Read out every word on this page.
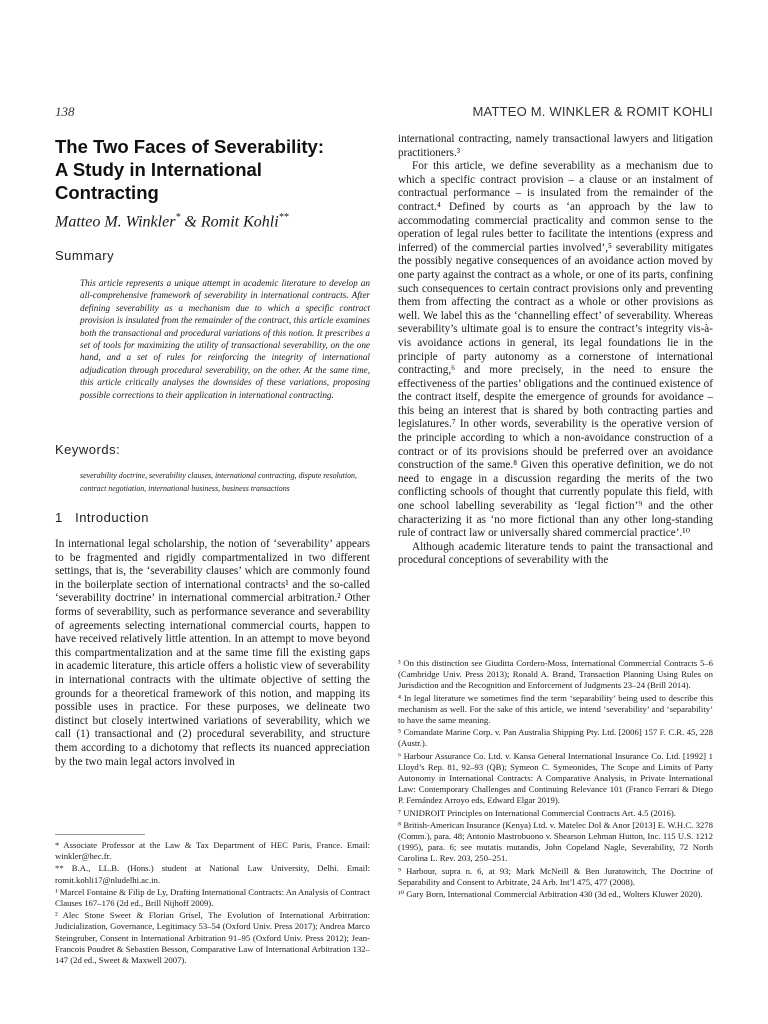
138	MATTEO M. WINKLER & ROMIT KOHLI
The Two Faces of Severability:
A Study in International
Contracting
Matteo M. Winkler* & Romit Kohli**
Summary
This article represents a unique attempt in academic literature to develop an all-comprehensive framework of severability in international contracts. After defining severability as a mechanism due to which a specific contract provision is insulated from the remainder of the contract, this article examines both the transactional and procedural variations of this notion. It prescribes a set of tools for maximizing the utility of transactional severability, on the one hand, and a set of rules for reinforcing the integrity of international adjudication through procedural severability, on the other. At the same time, this article critically analyses the downsides of these variations, proposing possible corrections to their application in international contracting.
Keywords:
severability doctrine, severability clauses, international contracting, dispute resolution, contract negotiation, international business, business transactions
1 Introduction

In international legal scholarship, the notion of ‘severability’ appears to be fragmented and rigidly compartmentalized in two different settings, that is, the ‘severability clauses’ which are commonly found in the boilerplate section of international contracts¹ and the so-called ‘severability doctrine’ in international commercial arbitration.² Other forms of severability, such as performance severance and severability of agreements selecting international commercial courts, happen to have received relatively little attention. In an attempt to move beyond this compartmentalization and at the same time fill the existing gaps in academic literature, this article offers a holistic view of severability in international contracts with the ultimate objective of setting the grounds for a theoretical framework of this notion, and mapping its possible uses in practice. For these purposes, we delineate two distinct but closely intertwined variations of severability, which we call (1) transactional and (2) procedural severability, and structure them according to a dichotomy that reflects its nuanced appreciation by the two main legal actors involved in

* Associate Professor at the Law & Tax Department of HEC Paris, France. Email: winkler@hec.fr.

** B.A., LL.B. (Hons.) student at National Law University, Delhi. Email: romit.kohli17@nludelhi.ac.in.

¹ Marcel Fontaine & Filip de Ly, Drafting International Contracts: An Analysis of Contract Clauses 167–176 (2d ed., Brill Nijhoff 2009).

² Alec Stone Sweet & Florian Grisel, The Evolution of International Arbitration: Judicialization, Governance, Legitimacy 53–54 (Oxford Univ. Press 2017); Andrea Marco Steingruber, Consent in International Arbitration 91–95 (Oxford Univ. Press 2012); Jean-Francois Poudret & Sebastien Besson, Comparative Law of International Arbitration 132–147 (2d ed., Sweet & Maxwell 2007).

international contracting, namely transactional lawyers and litigation practitioners.³

For this article, we define severability as a mechanism due to which a specific contract provision – a clause or an instalment of contractual performance – is insulated from the remainder of the contract.⁴ Defined by courts as ‘an approach by the law to accommodating commercial practicality and common sense to the operation of legal rules better to facilitate the intentions (express and inferred) of the commercial parties involved’,⁵ severability mitigates the possibly negative consequences of an avoidance action moved by one party against the contract as a whole, or one of its parts, confining such consequences to certain contract provisions only and preventing them from affecting the contract as a whole or other provisions as well. We label this as the ‘channelling effect’ of severability. Whereas severability’s ultimate goal is to ensure the contract’s integrity vis-à-vis avoidance actions in general, its legal foundations lie in the principle of party autonomy as a cornerstone of international contracting,⁶ and more precisely, in the need to ensure the effectiveness of the parties’ obligations and the continued existence of the contract itself, despite the emergence of grounds for avoidance – this being an interest that is shared by both contracting parties and legislatures.⁷ In other words, severability is the operative version of the principle according to which a non-avoidance construction of a contract or of its provisions should be preferred over an avoidance construction of the same.⁸ Given this operative definition, we do not need to engage in a discussion regarding the merits of the two conflicting schools of thought that currently populate this field, with one school labelling severability as ‘legal fiction’⁹ and the other characterizing it as ‘no more fictional than any other long-standing rule of contract law or universally shared commercial practice’.¹⁰

Although academic literature tends to paint the transactional and procedural conceptions of severability with the

³ On this distinction see Giuditta Cordero-Moss, International Commercial Contracts 5–6 (Cambridge Univ. Press 2013); Ronald A. Brand, Transaction Planning Using Rules on Jurisdiction and the Recognition and Enforcement of Judgments 23–24 (Brill 2014).

⁴ In legal literature we sometimes find the term ‘separability’ being used to describe this mechanism as well. For the sake of this article, we intend ‘severability’ and ‘separability’ to have the same meaning.

⁵ Comandate Marine Corp. v. Pan Australia Shipping Pty. Ltd. [2006] 157 F. C.R. 45, 228 (Austr.).

⁶ Harbour Assurance Co. Ltd. v. Kansa General International Insurance Co. Ltd. [1992] 1 Lloyd’s Rep. 81, 92–93 (QB); Symeon C. Symeonides, The Scope and Limits of Party Autonomy in International Contracts: A Comparative Analysis, in Private International Law: Contemporary Challenges and Continuing Relevance 101 (Franco Ferrari & Diego P. Fernández Arroyo eds, Edward Elgar 2019).

⁷ UNIDROIT Principles on International Commercial Contracts Art. 4.5 (2016).

⁸ British-American Insurance (Kenya) Ltd. v. Matelec Dol & Anor [2013] E. W.H.C. 3278 (Comm.), para. 48; Antonio Mastrobuono v. Shearson Lehman Hutton, Inc. 115 U.S. 1212 (1995), para. 6; see mutatis mutandis, John Copeland Nagle, Severability, 72 North Carolina L. Rev. 203, 250–251.

⁹ Harbour, supra n. 6, at 93; Mark McNeill & Ben Juratowitch, The Doctrine of Separability and Consent to Arbitrate, 24 Arb. Int’l 475, 477 (2008).

¹⁰ Gary Born, International Commercial Arbitration 430 (3d ed., Wolters Kluwer 2020).
